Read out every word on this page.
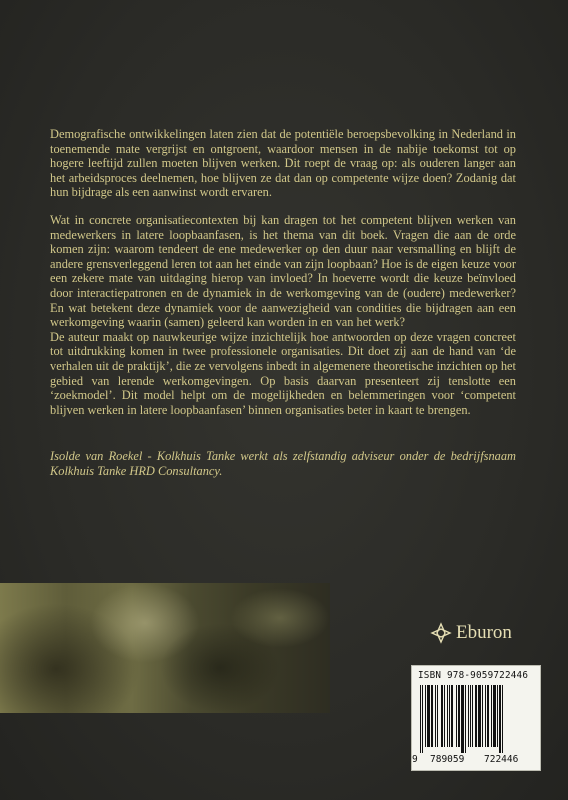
Demografische ontwikkelingen laten zien dat de potentiële beroepsbevolking in Nederland in toenemende mate vergrijst en ontgroent, waardoor mensen in de nabije toekomst tot op hogere leeftijd zullen moeten blijven werken. Dit roept de vraag op: als ouderen langer aan het arbeidsproces deelnemen, hoe blijven ze dat dan op competente wijze doen? Zodanig dat hun bijdrage als een aanwinst wordt ervaren.

Wat in concrete organisatiecontexten bij kan dragen tot het competent blijven werken van medewerkers in latere loopbaanfasen, is het thema van dit boek. Vragen die aan de orde komen zijn: waarom tendeert de ene medewerker op den duur naar versmalling en blijft de andere grensverleggend leren tot aan het einde van zijn loopbaan? Hoe is de eigen keuze voor een zekere mate van uitdaging hierop van invloed? In hoeverre wordt die keuze beïnvloed door interactiepatronen en de dynamiek in de werkomgeving van de (oudere) medewerker? En wat betekent deze dynamiek voor de aanwezigheid van condities die bijdragen aan een werkomgeving waarin (samen) geleerd kan worden in en van het werk?

De auteur maakt op nauwkeurige wijze inzichtelijk hoe antwoorden op deze vragen concreet tot uitdrukking komen in twee professionele organisaties. Dit doet zij aan de hand van ‘de verhalen uit de praktijk’, die ze vervolgens inbedt in algemenere theoretische inzichten op het gebied van lerende werkomgevingen. Op basis daarvan presenteert zij tenslotte een ‘zoekmodel’. Dit model helpt om de mogelijkheden en belemmeringen voor ‘competent blijven werken in latere loopbaanfasen’ binnen organisaties beter in kaart te brengen.

Isolde van Roekel - Kolkhuis Tanke werkt als zelfstandig adviseur onder de bedrijfsnaam Kolkhuis Tanke HRD Consultancy.

Eburon
ISBN 978-9059722446
9 789059 722446
